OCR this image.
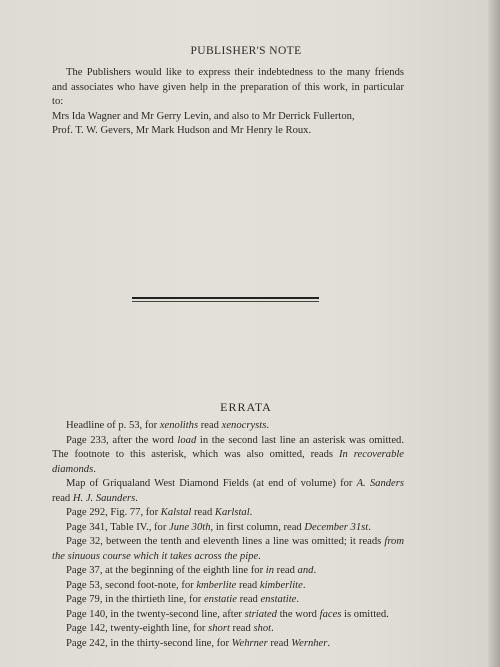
PUBLISHER'S NOTE

The Publishers would like to express their indebtedness to the many friends and associates who have given help in the preparation of this work, in particular to:

Mrs Ida Wagner and Mr Gerry Levin, and also to Mr Derrick Fullerton,

Prof. T. W. Gevers, Mr Mark Hudson and Mr Henry le Roux.

ERRATA

Headline of p. 53, for xenoliths read xenocrysts.

Page 233, after the word load in the second last line an asterisk was omitted. The footnote to this asterisk, which was also omitted, reads In recoverable diamonds.

Map of Griqualand West Diamond Fields (at end of volume) for A. Sanders read H. J. Saunders.

Page 292, Fig. 77, for Kalstal read Karlstal.

Page 341, Table IV., for June 30th, in first column, read December 31st.

Page 32, between the tenth and eleventh lines a line was omitted; it reads from the sinuous course which it takes across the pipe.

Page 37, at the beginning of the eighth line for in read and.

Page 53, second foot-note, for kmberlite read kimberlite.

Page 79, in the thirtieth line, for enstatie read enstatite.

Page 140, in the twenty-second line, after striated the word faces is omitted.

Page 142, twenty-eighth line, for short read shot.

Page 242, in the thirty-second line, for Wehrner read Wernher.
